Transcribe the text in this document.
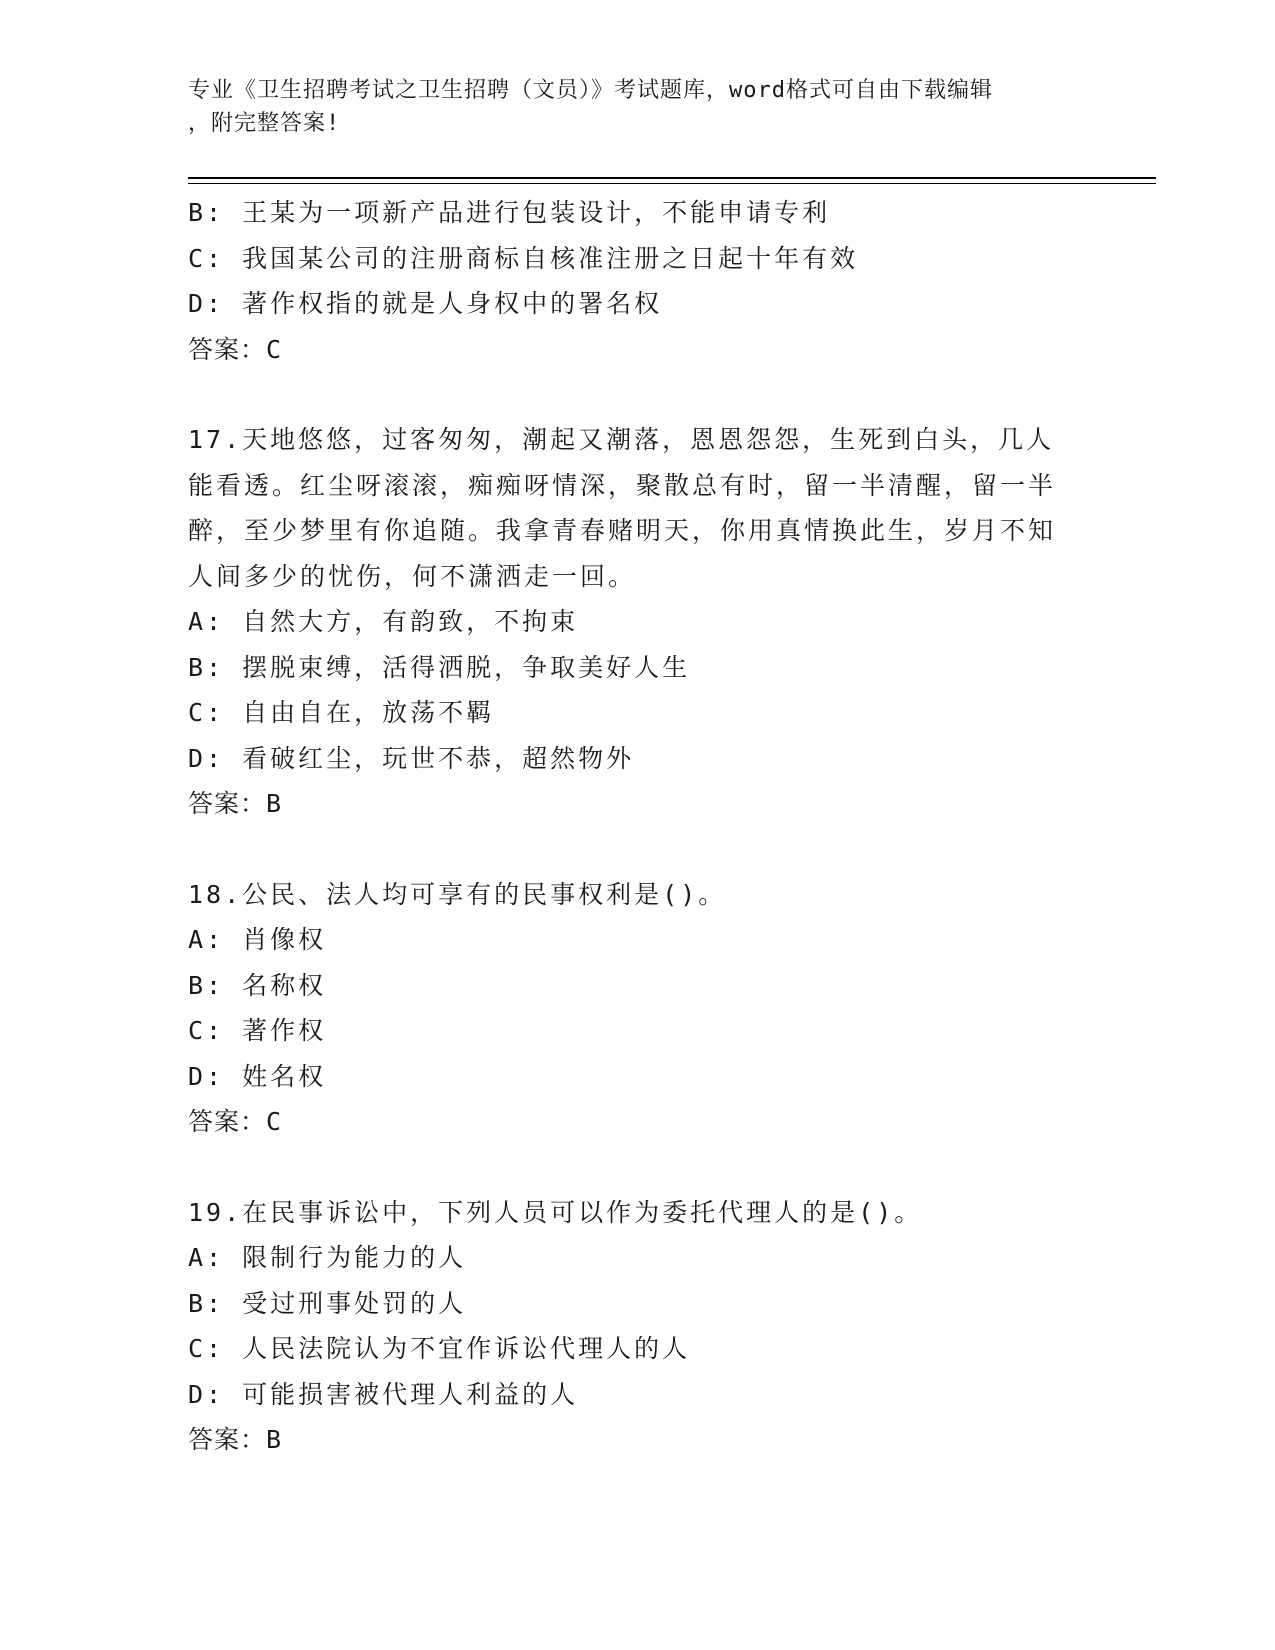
专业《卫生招聘考试之卫生招聘（文员）》考试题库，word格式可自由下载编辑
，附完整答案!
B: 王某为一项新产品进行包装设计，不能申请专利
C: 我国某公司的注册商标自核准注册之日起十年有效
D: 著作权指的就是人身权中的署名权
答案：C
17.天地悠悠，过客匆匆，潮起又潮落，恩恩怨怨，生死到白头，几人能看透。红尘呀滚滚，痴痴呀情深，聚散总有时，留一半清醒，留一半醉，至少梦里有你追随。我拿青春赌明天，你用真情换此生，岁月不知人间多少的忧伤，何不潇洒走一回。
A: 自然大方，有韵致，不拘束
B: 摆脱束缚，活得洒脱，争取美好人生
C: 自由自在，放荡不羁
D: 看破红尘，玩世不恭，超然物外
答案：B
18.公民、法人均可享有的民事权利是()。
A: 肖像权
B: 名称权
C: 著作权
D: 姓名权
答案：C
19.在民事诉讼中，下列人员可以作为委托代理人的是()。
A: 限制行为能力的人
B: 受过刑事处罚的人
C: 人民法院认为不宜作诉讼代理人的人
D: 可能损害被代理人利益的人
答案：B
